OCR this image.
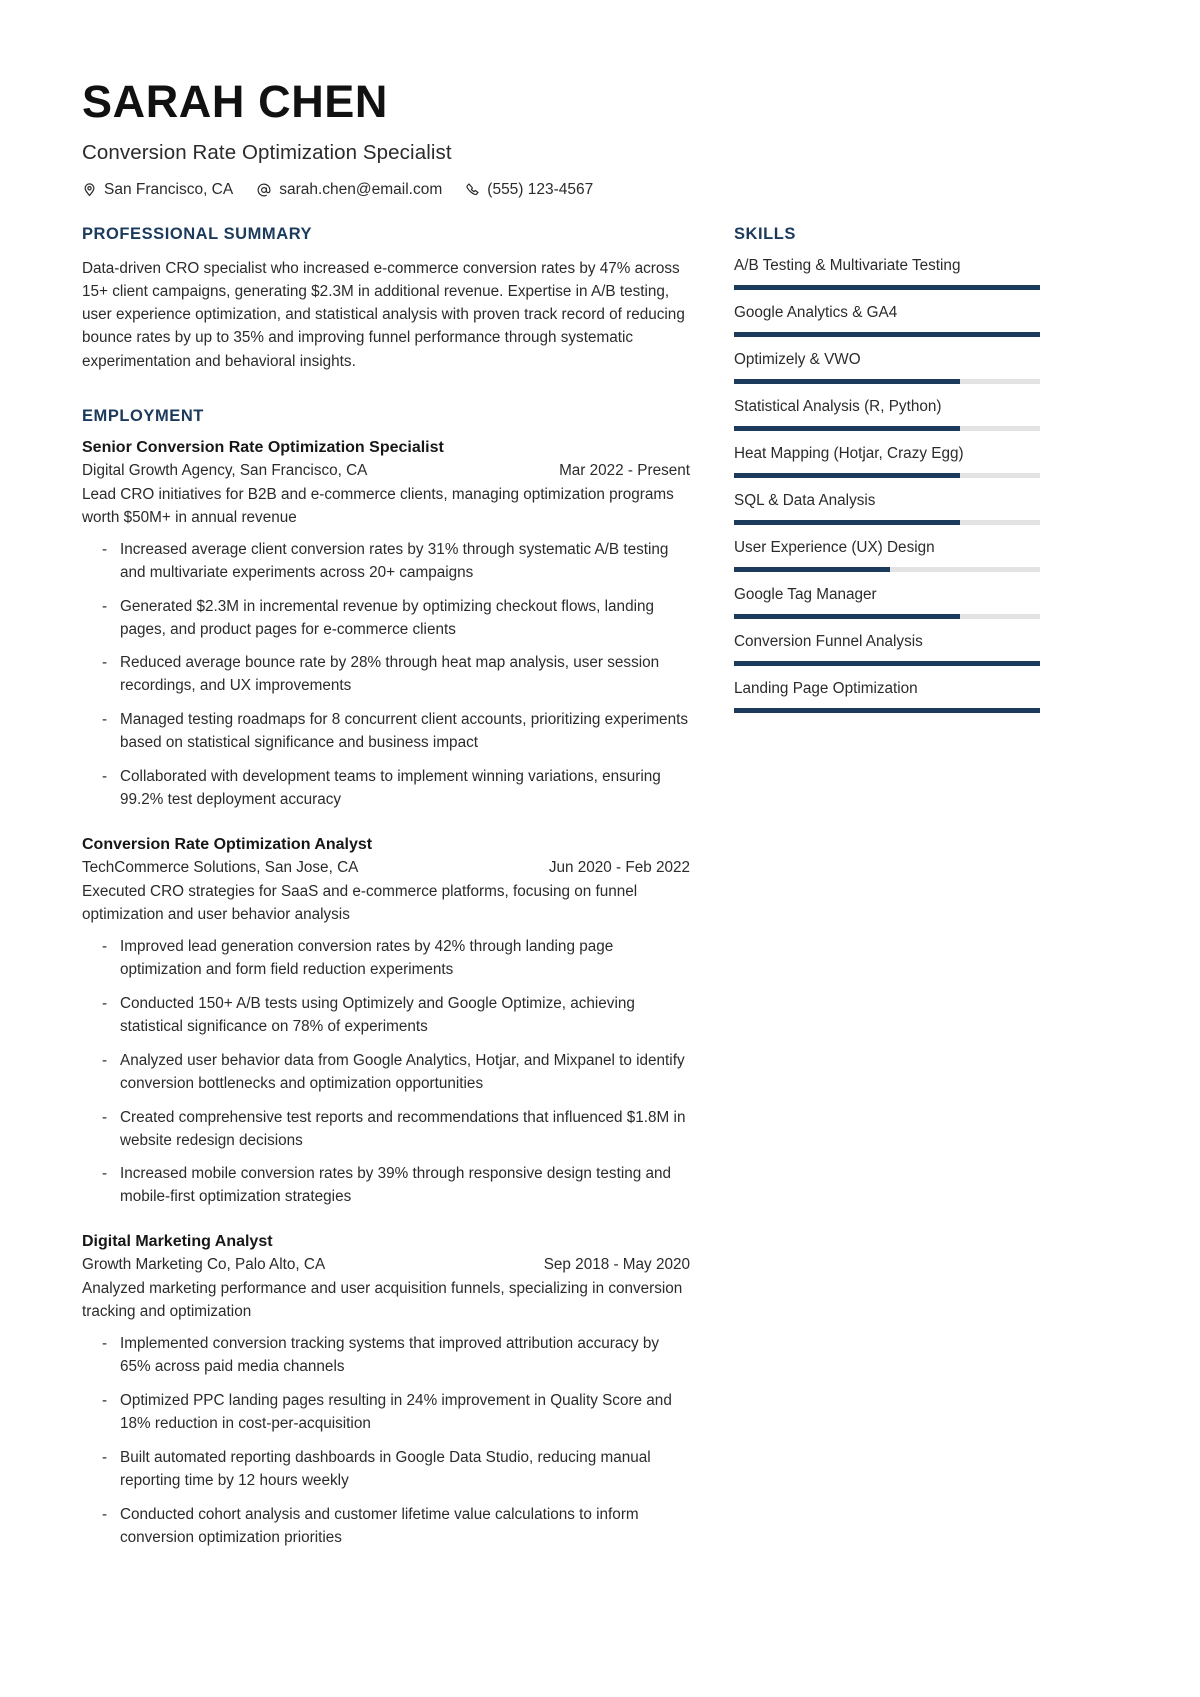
SARAH CHEN
Conversion Rate Optimization Specialist
San Francisco, CA	sarah.chen@email.com	(555) 123-4567
PROFESSIONAL SUMMARY
Data-driven CRO specialist who increased e-commerce conversion rates by 47% across 15+ client campaigns, generating $2.3M in additional revenue. Expertise in A/B testing, user experience optimization, and statistical analysis with proven track record of reducing bounce rates by up to 35% and improving funnel performance through systematic experimentation and behavioral insights.
EMPLOYMENT
Senior Conversion Rate Optimization Specialist
Digital Growth Agency, San Francisco, CA	Mar 2022 - Present
Lead CRO initiatives for B2B and e-commerce clients, managing optimization programs worth $50M+ in annual revenue
- Increased average client conversion rates by 31% through systematic A/B testing and multivariate experiments across 20+ campaigns
- Generated $2.3M in incremental revenue by optimizing checkout flows, landing pages, and product pages for e-commerce clients
- Reduced average bounce rate by 28% through heat map analysis, user session recordings, and UX improvements
- Managed testing roadmaps for 8 concurrent client accounts, prioritizing experiments based on statistical significance and business impact
- Collaborated with development teams to implement winning variations, ensuring 99.2% test deployment accuracy
Conversion Rate Optimization Analyst
TechCommerce Solutions, San Jose, CA	Jun 2020 - Feb 2022
Executed CRO strategies for SaaS and e-commerce platforms, focusing on funnel optimization and user behavior analysis
- Improved lead generation conversion rates by 42% through landing page optimization and form field reduction experiments
- Conducted 150+ A/B tests using Optimizely and Google Optimize, achieving statistical significance on 78% of experiments
- Analyzed user behavior data from Google Analytics, Hotjar, and Mixpanel to identify conversion bottlenecks and optimization opportunities
- Created comprehensive test reports and recommendations that influenced $1.8M in website redesign decisions
- Increased mobile conversion rates by 39% through responsive design testing and mobile-first optimization strategies
Digital Marketing Analyst
Growth Marketing Co, Palo Alto, CA	Sep 2018 - May 2020
Analyzed marketing performance and user acquisition funnels, specializing in conversion tracking and optimization
- Implemented conversion tracking systems that improved attribution accuracy by 65% across paid media channels
- Optimized PPC landing pages resulting in 24% improvement in Quality Score and 18% reduction in cost-per-acquisition
- Built automated reporting dashboards in Google Data Studio, reducing manual reporting time by 12 hours weekly
- Conducted cohort analysis and customer lifetime value calculations to inform conversion optimization priorities
SKILLS
A/B Testing & Multivariate Testing
Google Analytics & GA4
Optimizely & VWO
Statistical Analysis (R, Python)
Heat Mapping (Hotjar, Crazy Egg)
SQL & Data Analysis
User Experience (UX) Design
Google Tag Manager
Conversion Funnel Analysis
Landing Page Optimization
